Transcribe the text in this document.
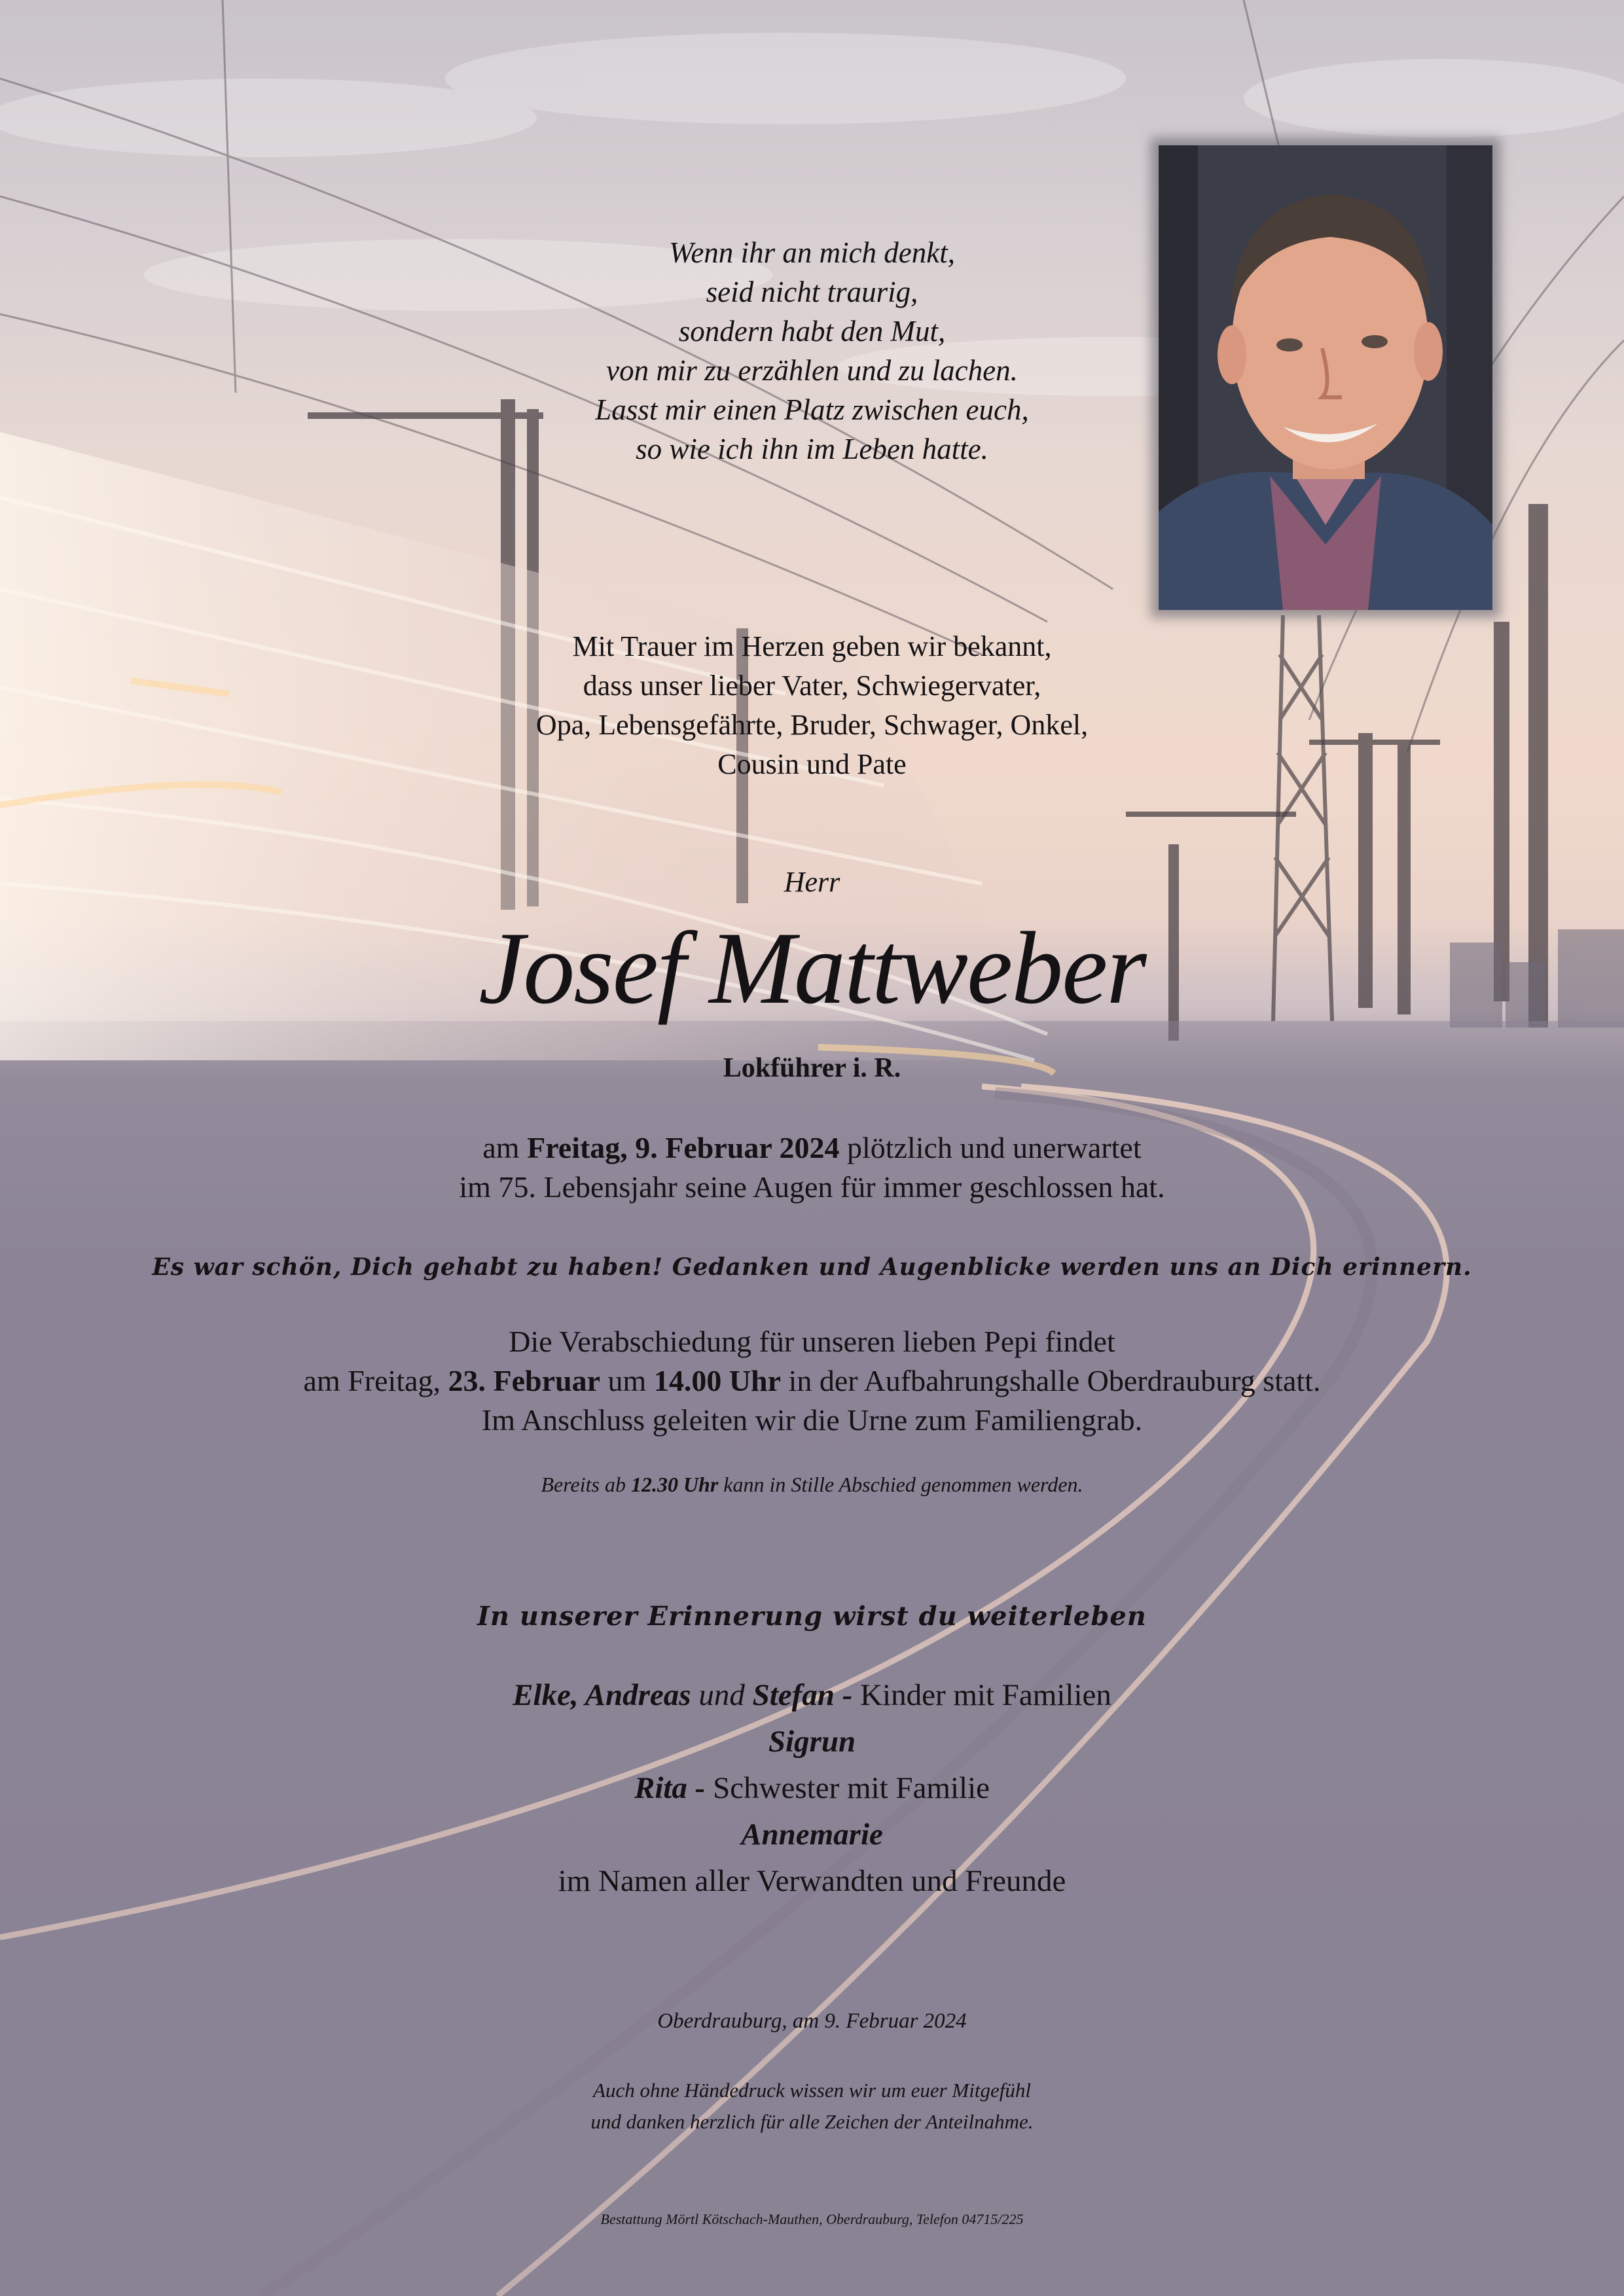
Wenn ihr an mich denkt,
seid nicht traurig,
sondern habt den Mut,
von mir zu erzählen und zu lachen.
Lasst mir einen Platz zwischen euch,
so wie ich ihn im Leben hatte.
Mit Trauer im Herzen geben wir bekannt,
dass unser lieber Vater, Schwiegervater,
Opa, Lebensgefährte, Bruder, Schwager, Onkel,
Cousin und Pate
Herr
Josef Mattweber
Lokführer i. R.
am Freitag, 9. Februar 2024 plötzlich und unerwartet
im 75. Lebensjahr seine Augen für immer geschlossen hat.
Es war schön, Dich gehabt zu haben! Gedanken und Augenblicke werden uns an Dich erinnern.
Die Verabschiedung für unseren lieben Pepi findet
am Freitag, 23. Februar um 14.00 Uhr in der Aufbahrungshalle Oberdrauburg statt.
Im Anschluss geleiten wir die Urne zum Familiengrab.
Bereits ab 12.30 Uhr kann in Stille Abschied genommen werden.
In unserer Erinnerung wirst du weiterleben
Elke, Andreas und Stefan - Kinder mit Familien
Sigrun
Rita - Schwester mit Familie
Annemarie
im Namen aller Verwandten und Freunde
Oberdrauburg, am 9. Februar 2024
Auch ohne Händedruck wissen wir um euer Mitgefühl
und danken herzlich für alle Zeichen der Anteilnahme.
Bestattung Mörtl Kötschach-Mauthen, Oberdrauburg, Telefon 04715/225
